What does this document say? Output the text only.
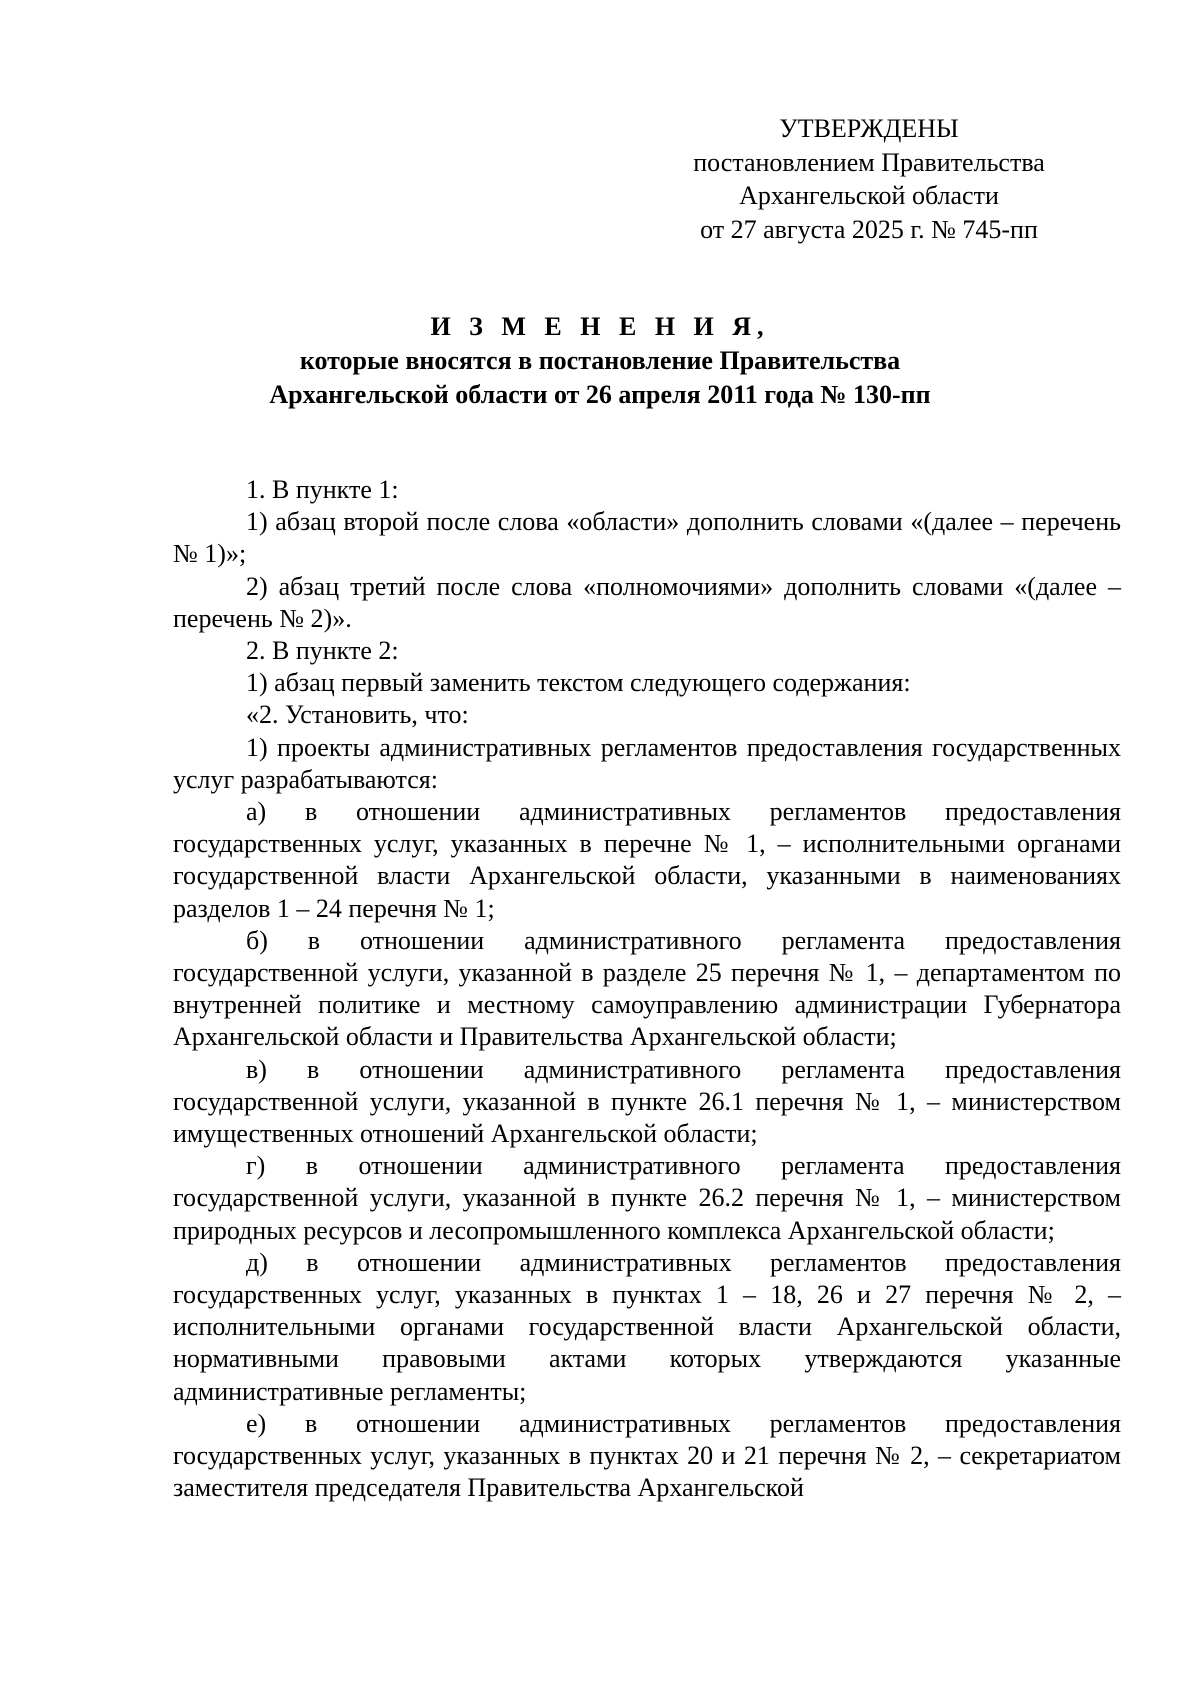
УТВЕРЖДЕНЫ
постановлением Правительства
Архангельской области
от 27 августа 2025 г. № 745-пп
И З М Е Н Е Н И Я,
которые вносятся в постановление Правительства
Архангельской области от 26 апреля 2011 года № 130-пп

1. В пункте 1:

1) абзац второй после слова «области» дополнить словами «(далее – перечень № 1)»;

2) абзац третий после слова «полномочиями» дополнить словами «(далее – перечень № 2)».

2. В пункте 2:

1) абзац первый заменить текстом следующего содержания:

«2. Установить, что:

1) проекты административных регламентов предоставления государственных услуг разрабатываются:

а) в отношении административных регламентов предоставления государственных услуг, указанных в перечне № 1, – исполнительными органами государственной власти Архангельской области, указанными в наименованиях разделов 1 – 24 перечня № 1;

б) в отношении административного регламента предоставления государственной услуги, указанной в разделе 25 перечня № 1, – департаментом по внутренней политике и местному самоуправлению администрации Губернатора Архангельской области и Правительства Архангельской области;

в) в отношении административного регламента предоставления государственной услуги, указанной в пункте 26.1 перечня № 1, – министерством имущественных отношений Архангельской области;

г) в отношении административного регламента предоставления государственной услуги, указанной в пункте 26.2 перечня № 1, – министерством природных ресурсов и лесопромышленного комплекса Архангельской области;

д) в отношении административных регламентов предоставления государственных услуг, указанных в пунктах 1 – 18, 26 и 27 перечня № 2, – исполнительными органами государственной власти Архангельской области, нормативными правовыми актами которых утверждаются указанные административные регламенты;

е) в отношении административных регламентов предоставления государственных услуг, указанных в пунктах 20 и 21 перечня № 2, – секретариатом заместителя председателя Правительства Архангельской
